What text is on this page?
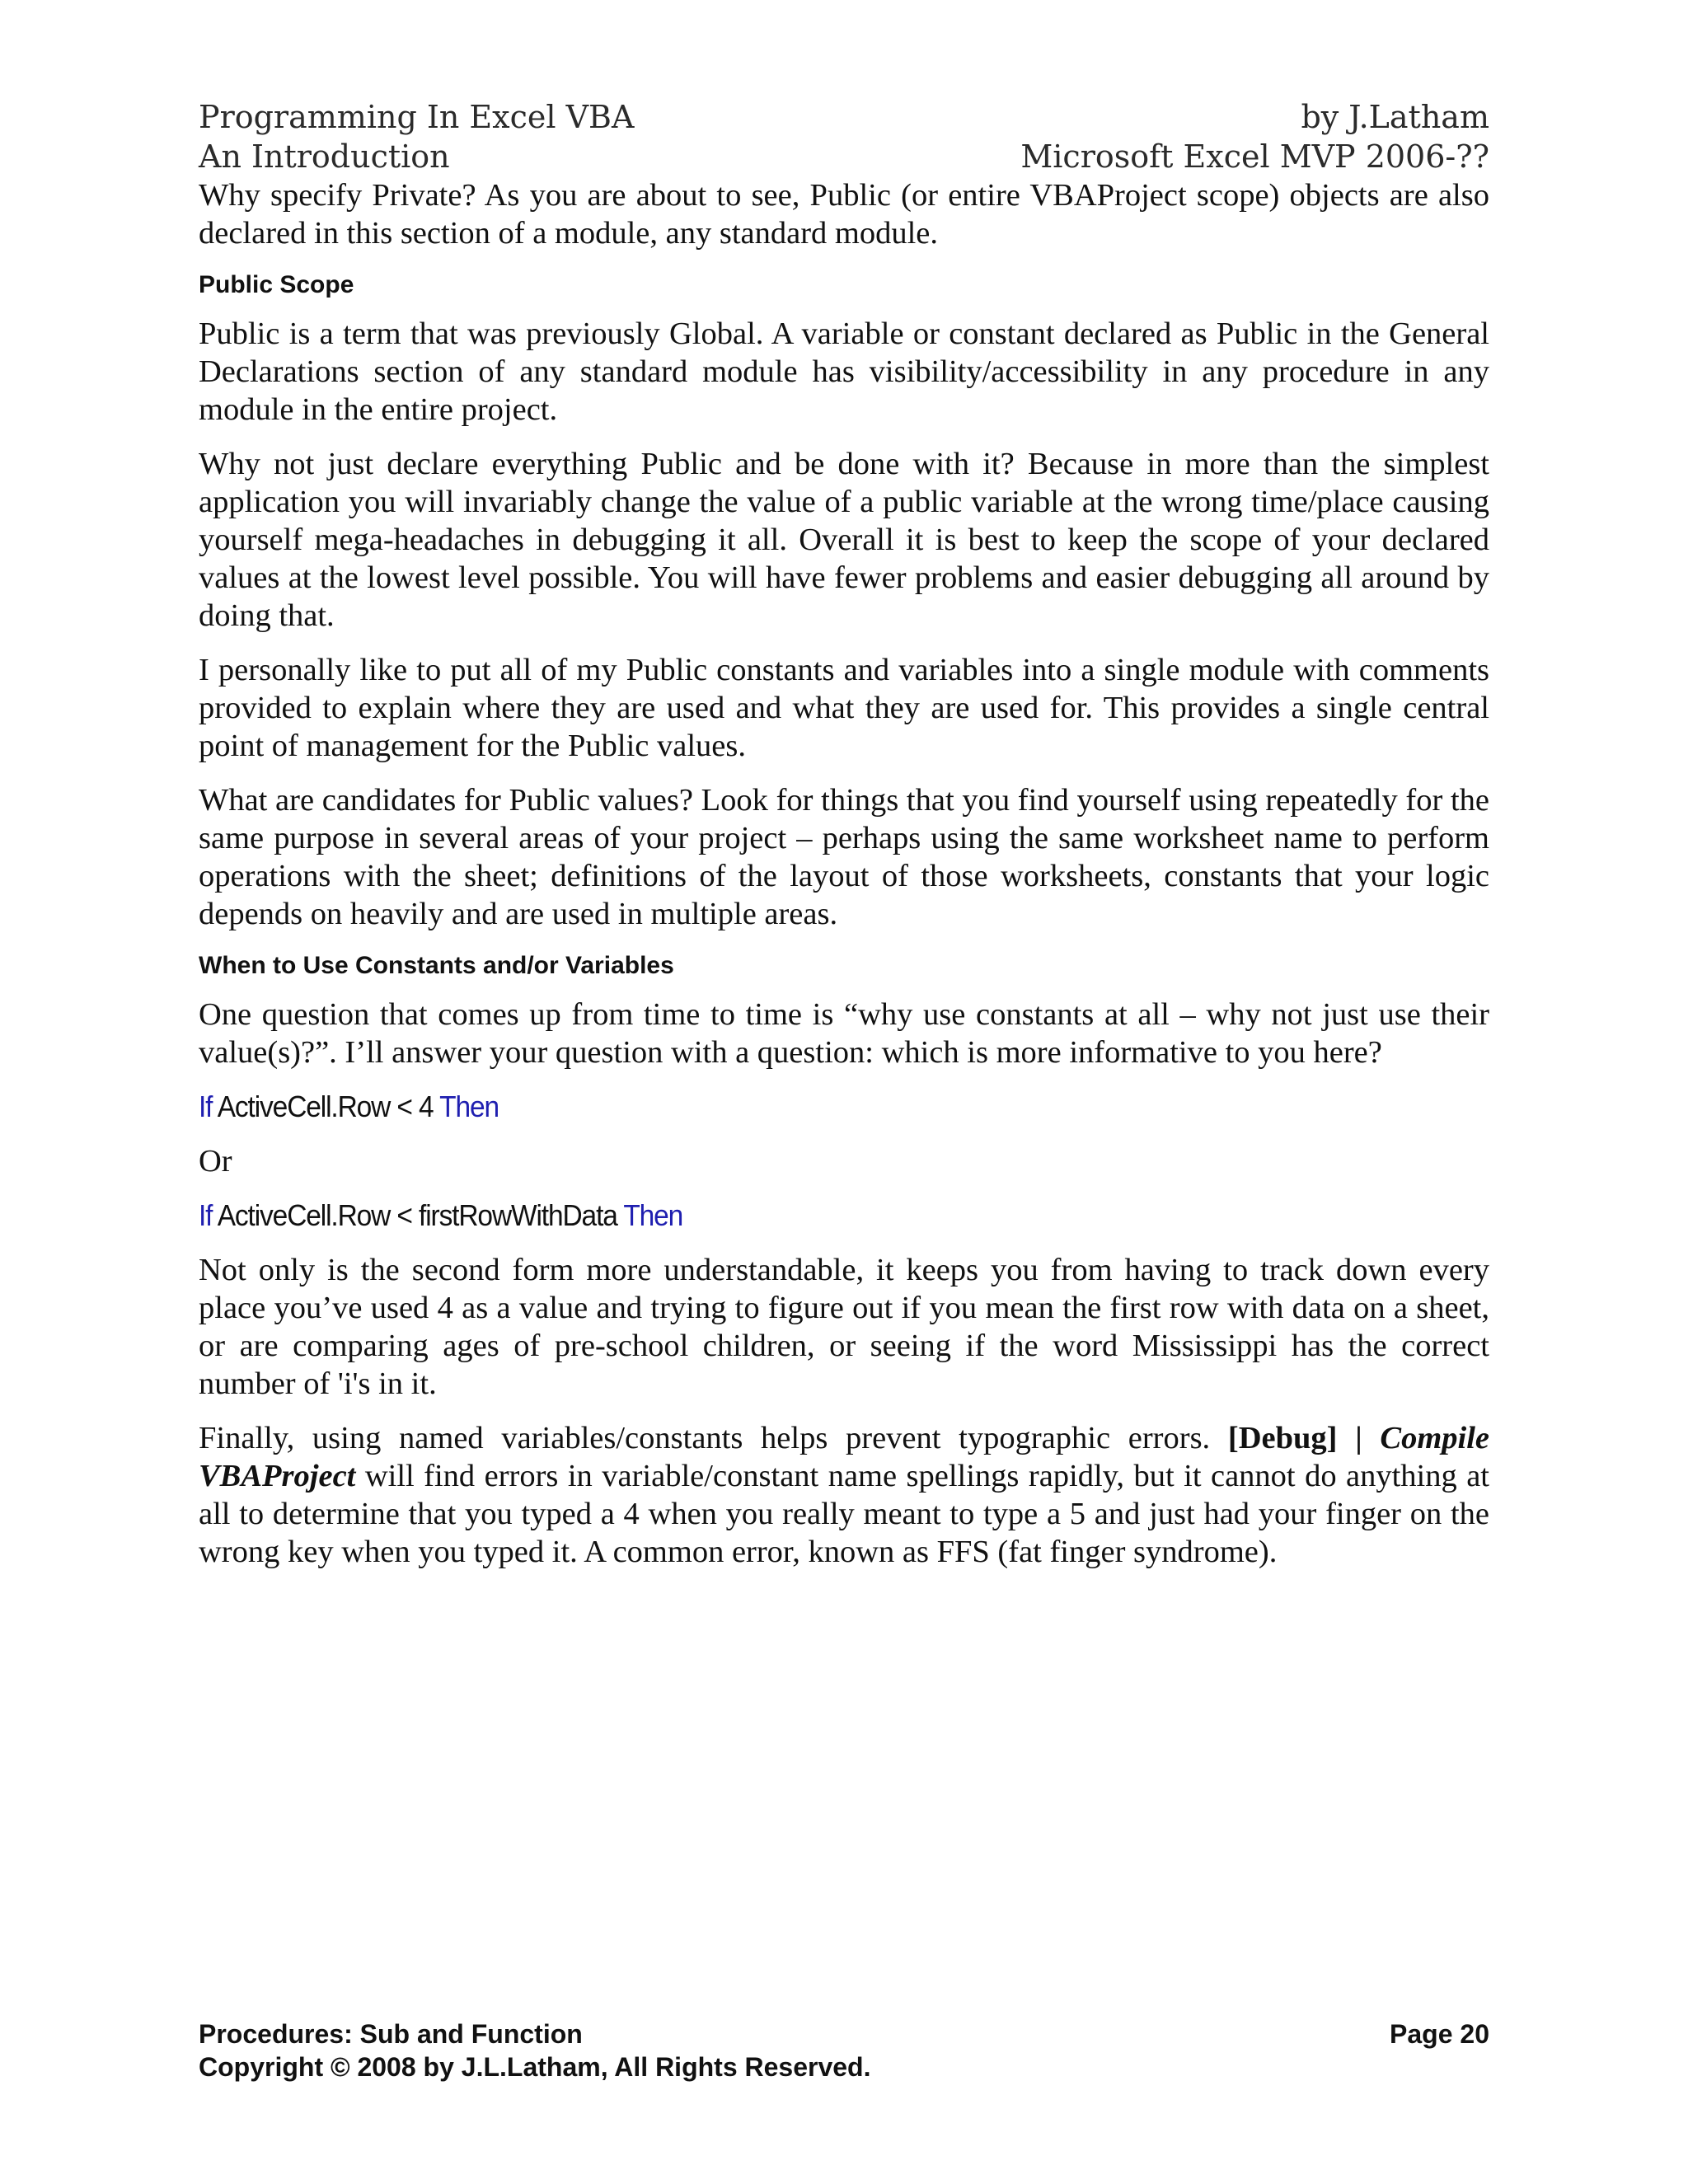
Programming In Excel VBA	by J.Latham
An Introduction	Microsoft Excel MVP 2006-??

Why specify Private? As you are about to see, Public (or entire VBAProject scope) objects are also declared in this section of a module, any standard module.

Public Scope

Public is a term that was previously Global. A variable or constant declared as Public in the General Declarations section of any standard module has visibility/accessibility in any procedure in any module in the entire project.

Why not just declare everything Public and be done with it? Because in more than the simplest application you will invariably change the value of a public variable at the wrong time/place causing yourself mega-headaches in debugging it all. Overall it is best to keep the scope of your declared values at the lowest level possible. You will have fewer problems and easier debugging all around by doing that.

I personally like to put all of my Public constants and variables into a single module with comments provided to explain where they are used and what they are used for. This provides a single central point of management for the Public values.

What are candidates for Public values? Look for things that you find yourself using repeatedly for the same purpose in several areas of your project – perhaps using the same worksheet name to perform operations with the sheet; definitions of the layout of those worksheets, constants that your logic depends on heavily and are used in multiple areas.

When to Use Constants and/or Variables

One question that comes up from time to time is “why use constants at all – why not just use their value(s)?”. I’ll answer your question with a question: which is more informative to you here?

If ActiveCell.Row < 4 Then
Or
If ActiveCell.Row < firstRowWithData Then

Not only is the second form more understandable, it keeps you from having to track down every place you’ve used 4 as a value and trying to figure out if you mean the first row with data on a sheet, or are comparing ages of pre-school children, or seeing if the word Mississippi has the correct number of 'i's in it.

Finally, using named variables/constants helps prevent typographic errors. [Debug] | Compile VBAProject will find errors in variable/constant name spellings rapidly, but it cannot do anything at all to determine that you typed a 4 when you really meant to type a 5 and just had your finger on the wrong key when you typed it. A common error, known as FFS (fat finger syndrome).

Procedures: Sub and Function	Page 20
Copyright © 2008 by J.L.Latham, All Rights Reserved.
